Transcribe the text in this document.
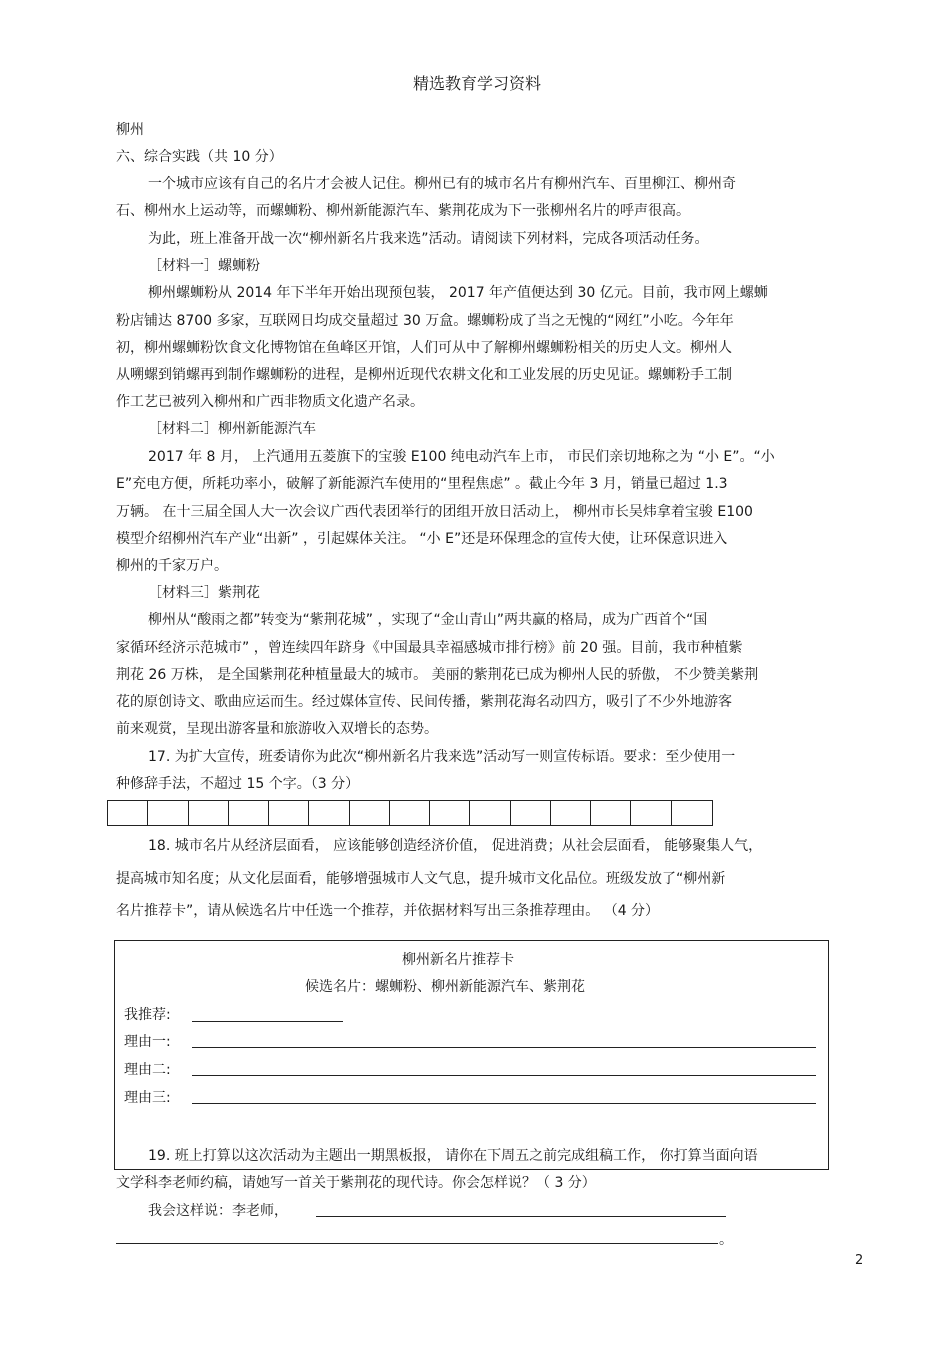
精选教育学习资料
柳州
六、综合实践（共 10 分）
一个城市应该有自己的名片才会被人记住。柳州已有的城市名片有柳州汽车、百里柳江、柳州奇
石、柳州水上运动等，而螺蛳粉、柳州新能源汽车、紫荆花成为下一张柳州名片的呼声很高。
为此，班上准备开战一次“柳州新名片我来选”活动。请阅读下列材料，完成各项活动任务。
［材料一］螺蛳粉
柳州螺蛳粉从 2014 年下半年开始出现预包装， 2017 年产值便达到 30 亿元。目前，我市网上螺蛳
粉店铺达 8700 多家，互联网日均成交量超过 30 万盒。螺蛳粉成了当之无愧的“网红”小吃。今年年
初，柳州螺蛳粉饮食文化博物馆在鱼峰区开馆，人们可从中了解柳州螺蛳粉相关的历史人文。柳州人
从嗍螺到销螺再到制作螺蛳粉的进程，是柳州近现代农耕文化和工业发展的历史见证。螺蛳粉手工制
作工艺已被列入柳州和广西非物质文化遗产名录。
［材料二］柳州新能源汽车
2017 年 8 月， 上汽通用五菱旗下的宝骏 E100 纯电动汽车上市， 市民们亲切地称之为 “小 E”。“小
E”充电方便，所耗功率小，破解了新能源汽车使用的“里程焦虑” 。截止今年 3 月，销量已超过 1.3
万辆。 在十三届全国人大一次会议广西代表团举行的团组开放日活动上， 柳州市长吴炜拿着宝骏 E100
模型介绍柳州汽车产业“出新” ，引起媒体关注。 “小 E”还是环保理念的宣传大使，让环保意识进入
柳州的千家万户。
［材料三］紫荆花
柳州从“酸雨之都”转变为“紫荆花城” ，实现了“金山青山”两共赢的格局，成为广西首个“国
家循环经济示范城市” ，曾连续四年跻身《中国最具幸福感城市排行榜》前 20 强。目前，我市种植紫
荆花 26 万株， 是全国紫荆花种植量最大的城市。 美丽的紫荆花已成为柳州人民的骄傲， 不少赞美紫荆
花的原创诗文、歌曲应运而生。经过媒体宣传、民间传播，紫荆花海名动四方，吸引了不少外地游客
前来观赏，呈现出游客量和旅游收入双增长的态势。
17. 为扩大宣传，班委请你为此次“柳州新名片我来选”活动写一则宣传标语。要求：至少使用一
种修辞手法，不超过 15 个字。（3 分）
18. 城市名片从经济层面看， 应该能够创造经济价值， 促进消费；从社会层面看， 能够聚集人气，
提高城市知名度；从文化层面看，能够增强城市人文气息，提升城市文化品位。班级发放了“柳州新
名片推荐卡”，请从候选名片中任选一个推荐，并依据材料写出三条推荐理由。 （4 分）
柳州新名片推荐卡
候选名片：螺蛳粉、柳州新能源汽车、紫荆花
我推荐:
理由一:
理由二:
理由三:
19. 班上打算以这次活动为主题出一期黑板报， 请你在下周五之前完成组稿工作， 你打算当面向语
文学科李老师约稿，请她写一首关于紫荆花的现代诗。你会怎样说？（ 3 分）
我会这样说：李老师，
。
2
